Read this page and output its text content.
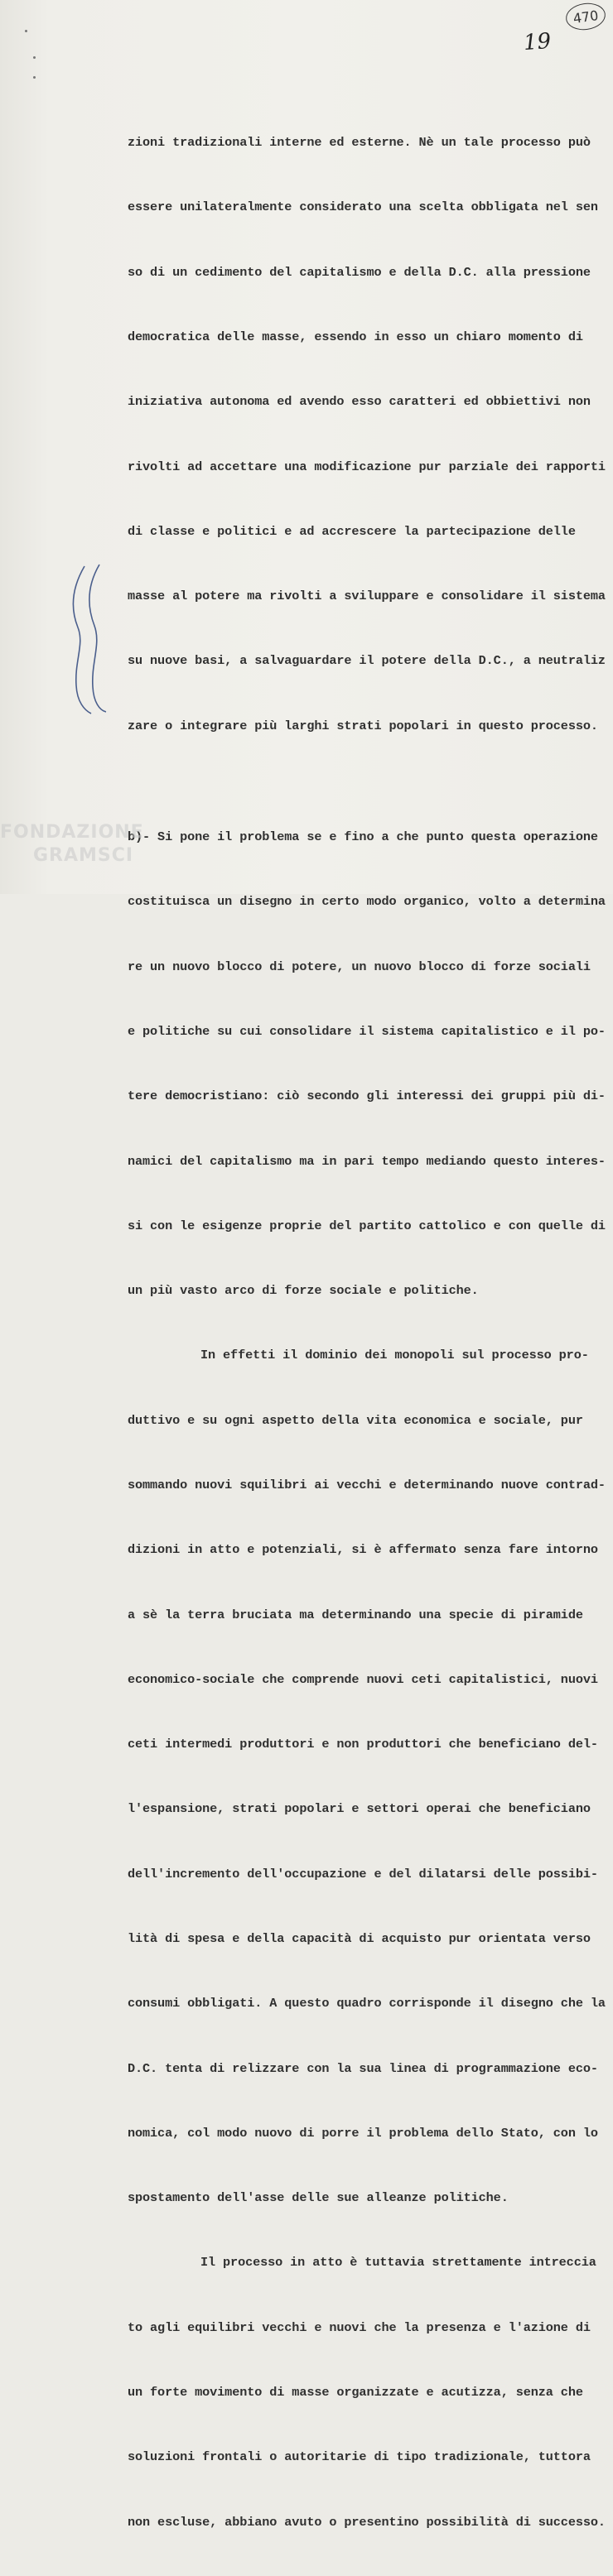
470
19

zioni tradizionali interne ed esterne. Nè un tale processo può

essere unilateralmente considerato una scelta obbligata nel sen

so di un cedimento del capitalismo e della D.C. alla pressione

democratica delle masse, essendo in esso un chiaro momento di

iniziativa autonoma ed avendo esso caratteri ed obbiettivi non

rivolti ad accettare una modificazione pur parziale dei rapporti

di classe e politici e ad accrescere la partecipazione delle

masse al potere ma rivolti a sviluppare e consolidare il sistema

su nuove basi, a salvaguardare il potere della D.C., a neutraliz

zare o integrare più larghi strati popolari in questo processo.

b)- Si pone il problema se e fino a che punto questa operazione

costituisca un disegno in certo modo organico, volto a determina

re un nuovo blocco di potere, un nuovo blocco di forze sociali

e politiche su cui consolidare il sistema capitalistico e il po-

tere democristiano: ciò secondo gli interessi dei gruppi più di-

namici del capitalismo ma in pari tempo mediando questo interes-

si con le esigenze proprie del partito cattolico e con quelle di

un più vasto arco di forze sociale e politiche.

In effetti il dominio dei monopoli sul processo pro-

duttivo e su ogni aspetto della vita economica e sociale, pur

sommando nuovi squilibri ai vecchi e determinando nuove contrad-

dizioni in atto e potenziali, si è affermato senza fare intorno

a sè la terra bruciata ma determinando una specie di piramide

economico-sociale che comprende nuovi ceti capitalistici, nuovi

ceti intermedi produttori e non produttori che beneficiano del-

l'espansione, strati popolari e settori operai che beneficiano

dell'incremento dell'occupazione e del dilatarsi delle possibi-

lità di spesa e della capacità di acquisto pur orientata verso

consumi obbligati. A questo quadro corrisponde il disegno che la

D.C. tenta di relizzare con la sua linea di programmazione eco-

nomica, col modo nuovo di porre il problema dello Stato, con lo

spostamento dell'asse delle sue alleanze politiche.

Il processo in atto è tuttavia strettamente intreccia

to agli equilibri vecchi e nuovi che la presenza e l'azione di

un forte movimento di masse organizzate e acutizza, senza che

soluzioni frontali o autoritarie di tipo tradizionale, tuttora

non escluse, abbiano avuto o presentino possibilità di successo.

FONDAZIONE
GRAMSCI
